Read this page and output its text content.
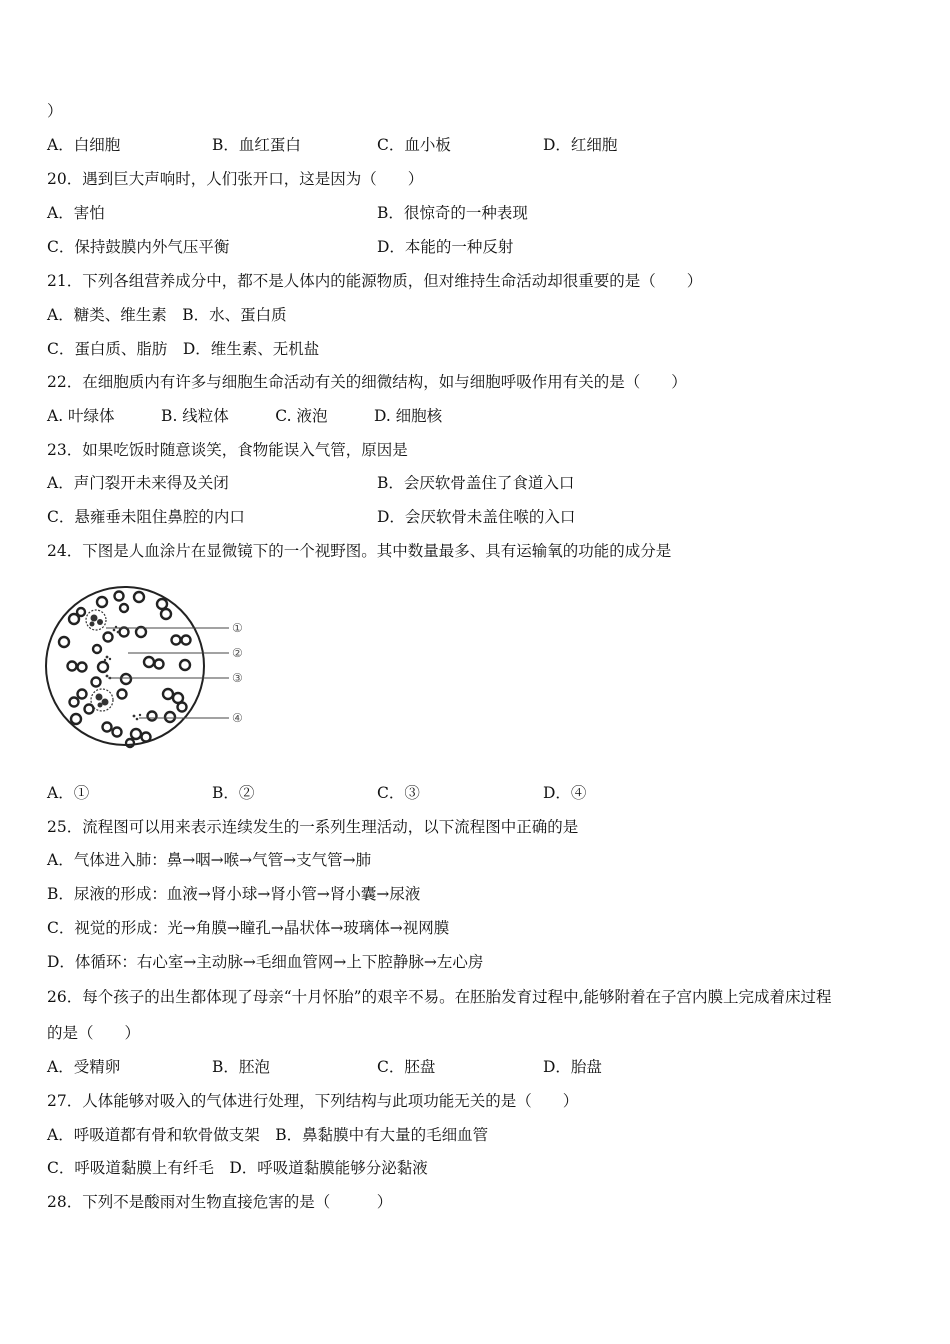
）
A．白细胞	B．血红蛋白	C．血小板	D．红细胞
20．遇到巨大声响时，人们张开口，这是因为（　　）
A．害怕	B．很惊奇的一种表现
C．保持鼓膜内外气压平衡	D．本能的一种反射
21．下列各组营养成分中，都不是人体内的能源物质，但对维持生命活动却很重要的是（　　）
A．糖类、维生素　B．水、蛋白质
C．蛋白质、脂肪　D．维生素、无机盐
22．在细胞质内有许多与细胞生命活动有关的细微结构，如与细胞呼吸作用有关的是（　　）
A. 叶绿体　　　B. 线粒体　　　C. 液泡　　　D. 细胞核
23．如果吃饭时随意谈笑，食物能误入气管，原因是
A．声门裂开未来得及关闭	B．会厌软骨盖住了食道入口
C．悬雍垂未阻住鼻腔的内口	D．会厌软骨未盖住喉的入口
24．下图是人血涂片在显微镜下的一个视野图。其中数量最多、具有运输氧的功能的成分是
①
②
③
④
A．①	B．②	C．③	D．④
25．流程图可以用来表示连续发生的一系列生理活动，以下流程图中正确的是
A．气体进入肺：鼻→咽→喉→气管→支气管→肺
B．尿液的形成：血液→肾小球→肾小管→肾小囊→尿液
C．视觉的形成：光→角膜→瞳孔→晶状体→玻璃体→视网膜
D．体循环：右心室→主动脉→毛细血管网→上下腔静脉→左心房
26．每个孩子的出生都体现了母亲“十月怀胎”的艰辛不易。在胚胎发育过程中,能够附着在子宫内膜上完成着床过程
的是（　　）
A．受精卵	B．胚泡	C．胚盘	D．胎盘
27．人体能够对吸入的气体进行处理，下列结构与此项功能无关的是（　　）
A．呼吸道都有骨和软骨做支架　B．鼻黏膜中有大量的毛细血管
C．呼吸道黏膜上有纤毛　D．呼吸道黏膜能够分泌黏液
28．下列不是酸雨对生物直接危害的是（　　　）
